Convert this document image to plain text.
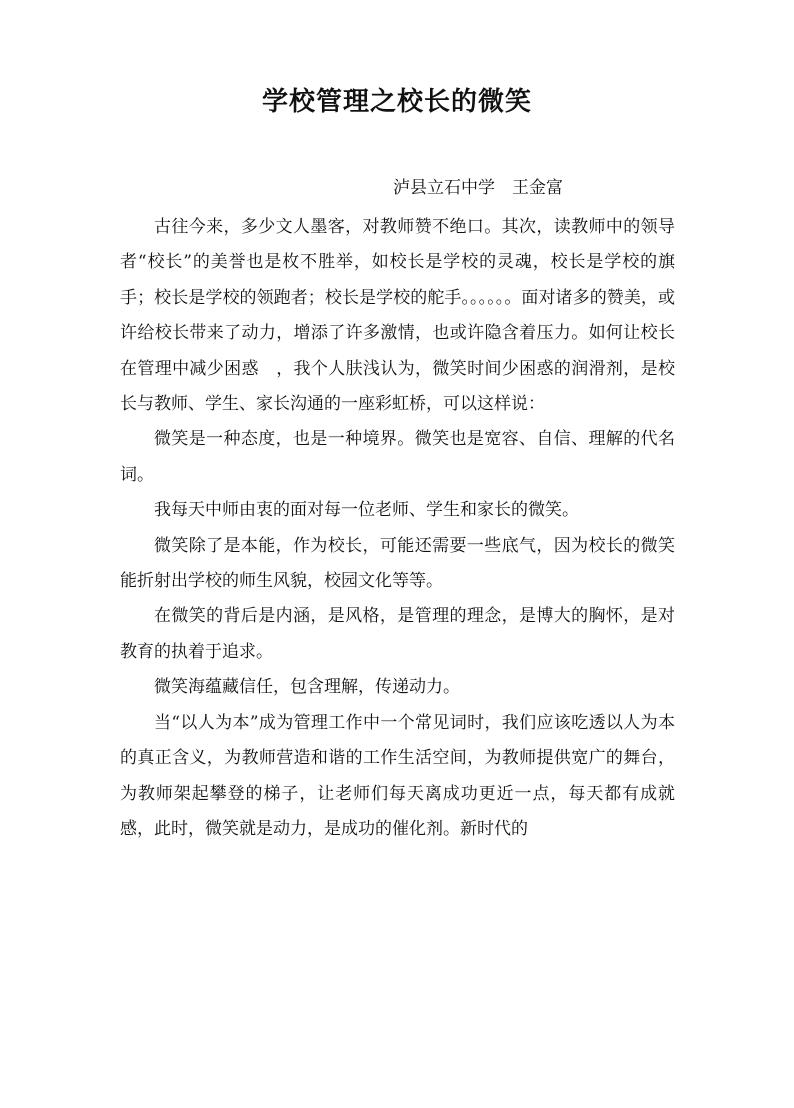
学校管理之校长的微笑
泸县立石中学　王金富

古往今来，多少文人墨客，对教师赞不绝口。其次，读教师中的领导者“校长”的美誉也是枚不胜举，如校长是学校的灵魂，校长是学校的旗手；校长是学校的领跑者；校长是学校的舵手。。。。。。面对诸多的赞美，或许给校长带来了动力，增添了许多激情，也或许隐含着压力。如何让校长在管理中减少困惑　，我个人肤浅认为，微笑时间少困惑的润滑剂，是校长与教师、学生、家长沟通的一座彩虹桥，可以这样说：

微笑是一种态度，也是一种境界。微笑也是宽容、自信、理解的代名词。

我每天中师由衷的面对每一位老师、学生和家长的微笑。

微笑除了是本能，作为校长，可能还需要一些底气，因为校长的微笑能折射出学校的师生风貌，校园文化等等。

在微笑的背后是内涵，是风格，是管理的理念，是博大的胸怀，是对教育的执着于追求。

微笑海蕴藏信任，包含理解，传递动力。

当“以人为本”成为管理工作中一个常见词时，我们应该吃透以人为本的真正含义，为教师营造和谐的工作生活空间，为教师提供宽广的舞台，为教师架起攀登的梯子，让老师们每天离成功更近一点，每天都有成就感，此时，微笑就是动力，是成功的催化剂。新时代的
